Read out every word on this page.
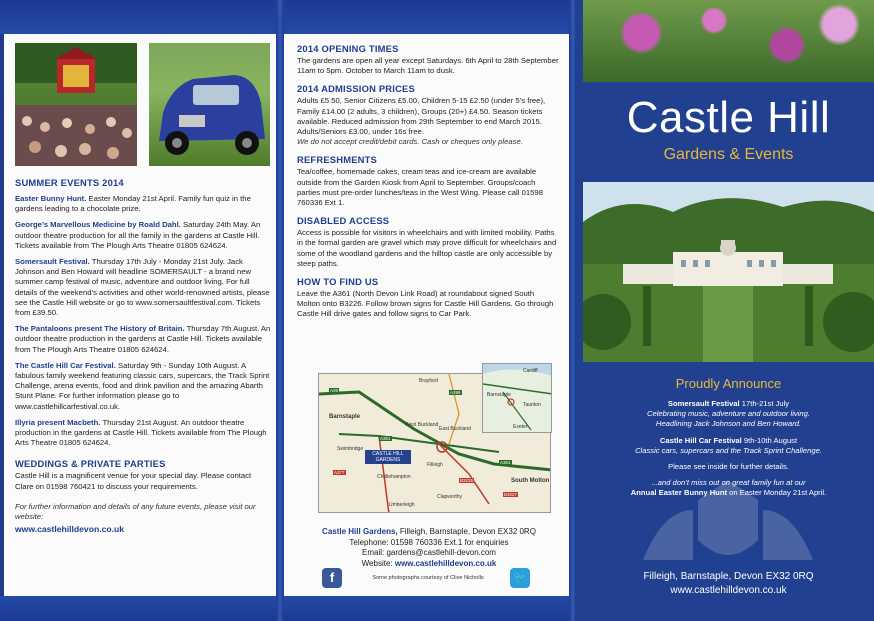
SUMMER EVENTS 2014
Easter Bunny Hunt. Easter Monday 21st April. Family fun quiz in the gardens leading to a chocolate prize.
George’s Marvellous Medicine by Roald Dahl. Saturday 24th May. An outdoor theatre production for all the family in the gardens at Castle Hill. Tickets available from The Plough Arts Theatre 01805 624624.
Somersault Festival. Thursday 17th July - Monday 21st July. Jack Johnson and Ben Howard will headline SOMERSAULT - a brand new summer camp festival of music, adventure and outdoor living. For full details of the weekend’s activities and other world-renowned artists, please see the Castle Hill website or go to www.somersaultfestival.com. Tickets from £39.50.
The Pantaloons present The History of Britain. Thursday 7th August. An outdoor theatre production in the gardens at Castle Hill. Tickets available from The Plough Arts Theatre 01805 624624.
The Castle Hill Car Festival. Saturday 9th - Sunday 10th August. A fabulous family weekend featuring classic cars, supercars, the Track Sprint Challenge, arena events, food and drink pavilion and the amazing Abarth Stunt Plane. For further information please go to www.castlehillcarfestival.co.uk.
Illyria present Macbeth. Thursday 21st August. An outdoor theatre production in the gardens at Castle Hill. Tickets available from The Plough Arts Theatre 01805 624624.
WEDDINGS & PRIVATE PARTIES
Castle Hill is a magnificent venue for your special day. Please contact Clare on 01598 760421 to discuss your requirements.
For further information and details of any future events, please visit our website:
www.castlehilldevon.co.uk
2014 OPENING TIMES
The gardens are open all year except Saturdays. 6th April to 28th September 11am to 5pm. October to March 11am to dusk.
2014 ADMISSION PRICES
Adults £5.50, Senior Citizens £5.00, Children 5-15 £2.50 (under 5’s free), Family £14.00 (2 adults, 3 children), Groups (20+) £4.50. Season tickets available. Reduced admission from 29th September to end March 2015. Adults/Seniors £3.00, under 16s free.
We do not accept credit/debit cards. Cash or cheques only please.
REFRESHMENTS
Tea/coffee, homemade cakes, cream teas and ice-cream are available outside from the Garden Kiosk from April to September. Groups/coach parties must pre-order lunches/teas in the West Wing. Please call 01598 760336 Ext 1.
DISABLED ACCESS
Access is possible for visitors in wheelchairs and with limited mobility. Paths in the formal garden are gravel which may prove difficult for wheelchairs and some of the woodland gardens and the hilltop castle are only accessible by steep paths.
HOW TO FIND US
Leave the A361 (North Devon Link Road) at roundabout signed South Molton onto B3226. Follow brown signs for Castle Hill Gardens. Go through Castle Hill drive gates and follow signs to Car Park.
Barnstaple
South Molton
Umberleigh
Chittlehampton
Filleigh
Swimbridge
Brayford
Clapworthy
West Buckland
East Buckland
A39	A399
A361
A377
B3227
B3226
A361
CASTLE HILL GARDENS
Cardiff
Barnstaple
Taunton
Exeter
Castle Hill Gardens, Filleigh, Barnstaple, Devon EX32 0RQ
Telephone: 01598 760336 Ext.1 for enquiries
Email: gardens@castlehill-devon.com
Website: www.castlehilldevon.co.uk
f	Some photographs courtesy of Clive Nicholls	🐦
Castle Hill
Gardens & Events
Proudly Announce
Somersault Festival 17th-21st July
Celebrating music, adventure and outdoor living.
Headlining Jack Johnson and Ben Howard.
Castle Hill Car Festival 9th-10th August
Classic cars, supercars and the Track Sprint Challenge.
Please see inside for further details.
...and don’t miss out on great family fun at our
Annual Easter Bunny Hunt on Easter Monday 21st April.
Filleigh, Barnstaple, Devon EX32 0RQ
www.castlehilldevon.co.uk
